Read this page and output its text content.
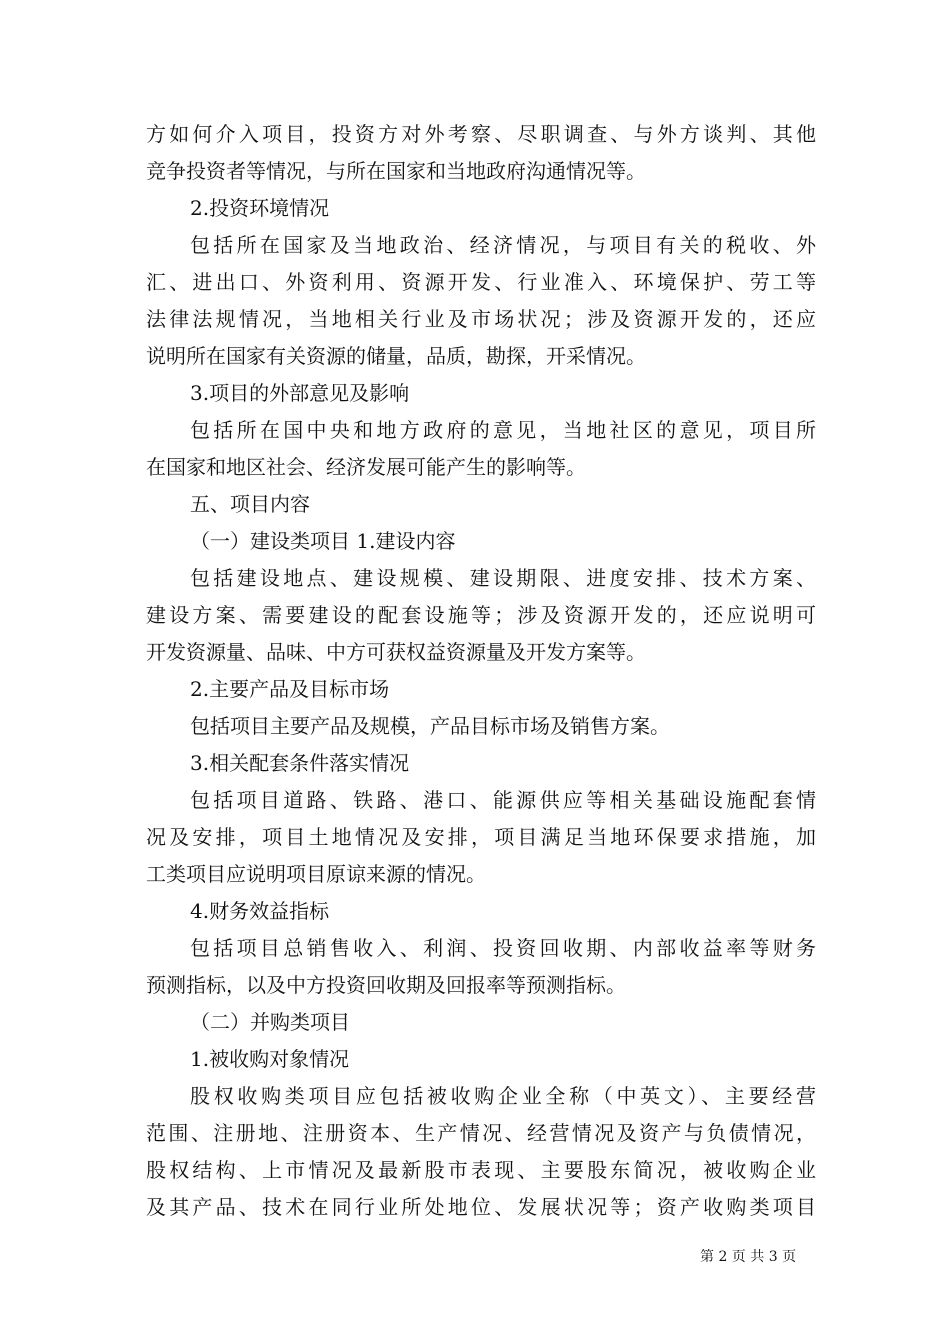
方如何介入项目，投资方对外考察、尽职调查、与外方谈判、其他
竞争投资者等情况，与所在国家和当地政府沟通情况等。
2.投资环境情况
包括所在国家及当地政治、经济情况，与项目有关的税收、外
汇、进出口、外资利用、资源开发、行业准入、环境保护、劳工等
法律法规情况，当地相关行业及市场状况；涉及资源开发的，还应
说明所在国家有关资源的储量，品质，勘探，开采情况。
3.项目的外部意见及影响
包括所在国中央和地方政府的意见，当地社区的意见，项目所
在国家和地区社会、经济发展可能产生的影响等。
五、项目内容
（一）建设类项目 1.建设内容
包括建设地点、建设规模、建设期限、进度安排、技术方案、
建设方案、需要建设的配套设施等；涉及资源开发的，还应说明可
开发资源量、品味、中方可获权益资源量及开发方案等。
2.主要产品及目标市场
包括项目主要产品及规模，产品目标市场及销售方案。
3.相关配套条件落实情况
包括项目道路、铁路、港口、能源供应等相关基础设施配套情
况及安排，项目土地情况及安排，项目满足当地环保要求措施，加
工类项目应说明项目原谅来源的情况。
4.财务效益指标
包括项目总销售收入、利润、投资回收期、内部收益率等财务
预测指标，以及中方投资回收期及回报率等预测指标。
（二）并购类项目
1.被收购对象情况
股权收购类项目应包括被收购企业全称（中英文）、主要经营
范围、注册地、注册资本、生产情况、经营情况及资产与负债情况，
股权结构、上市情况及最新股市表现、主要股东简况，被收购企业
及其产品、技术在同行业所处地位、发展状况等；资产收购类项目
第 2 页 共 3 页
